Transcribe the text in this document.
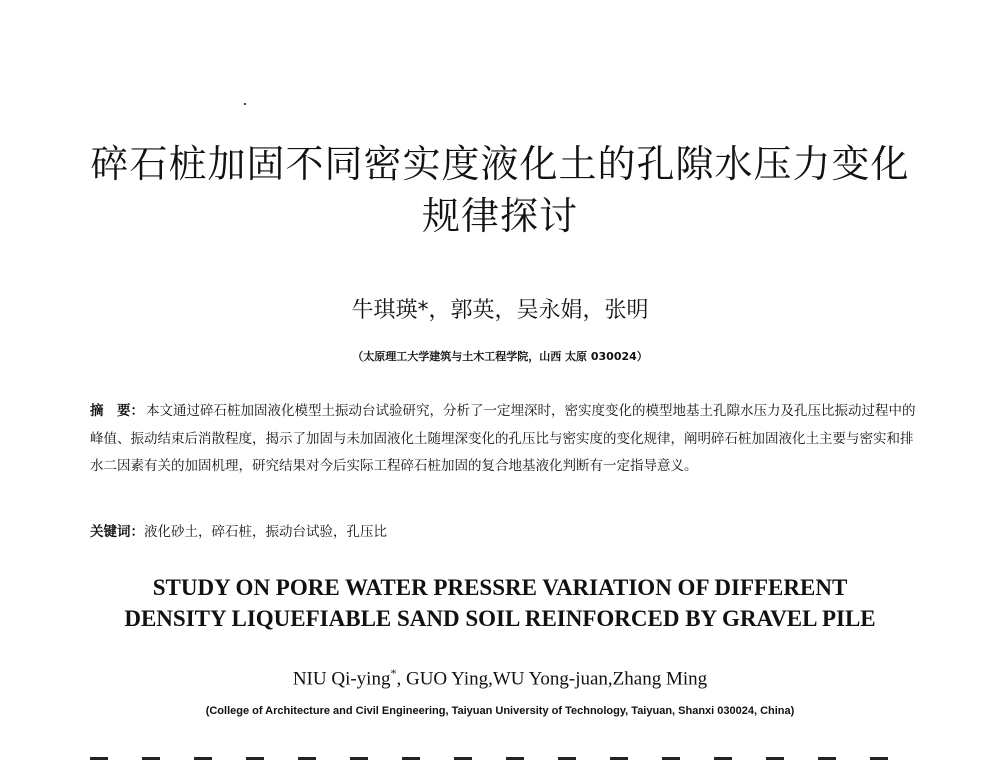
碎石桩加固不同密实度液化土的孔隙水压力变化
规律探讨
牛琪瑛*，郭英，吴永娟，张明
（太原理工大学建筑与土木工程学院，山西 太原 030024）
摘　要： 本文通过碎石桩加固液化模型土振动台试验研究，分析了一定埋深时，密实度变化的模型地基土孔隙水压力及孔压比振动过程中的峰值、振动结束后消散程度，揭示了加固与未加固液化土随埋深变化的孔压比与密实度的变化规律，阐明碎石桩加固液化土主要与密实和排水二因素有关的加固机理，研究结果对今后实际工程碎石桩加固的复合地基液化判断有一定指导意义。
关键词：液化砂土，碎石桩，振动台试验，孔压比
STUDY ON PORE WATER PRESSRE VARIATION OF DIFFERENT
DENSITY LIQUEFIABLE SAND SOIL REINFORCED BY GRAVEL PILE
NIU Qi-ying*, GUO Ying,WU Yong-juan,Zhang Ming
(College of Architecture and Civil Engineering, Taiyuan University of Technology, Taiyuan, Shanxi 030024, China)
